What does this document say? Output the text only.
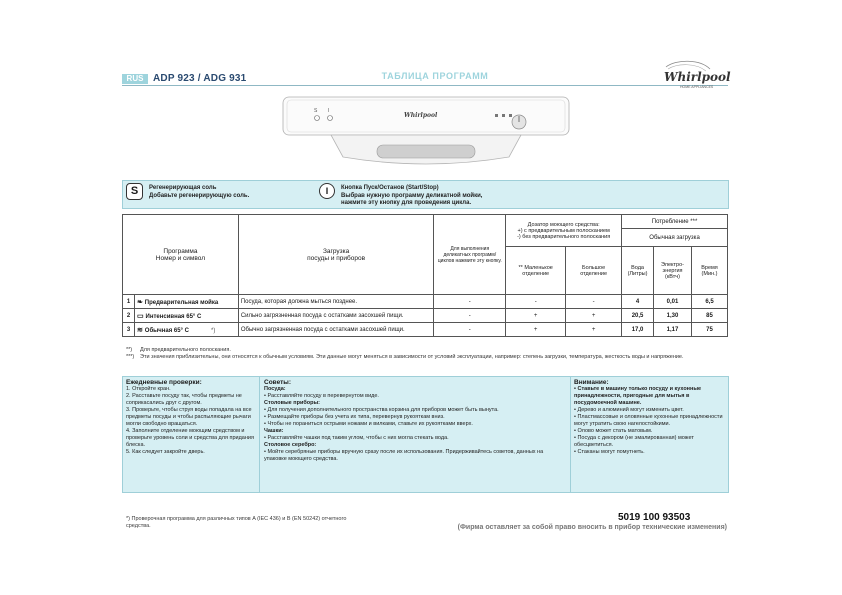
RUS ADP 923 / ADG 931	ТАБЛИЦА ПРОГРАММ	Whirlpool
HOME APPLIANCES
S I
Whirlpool
S	Регенерирующая соль
Добавьте регенерирующую соль.	I	Кнопка Пуск/Останов (Start/Stop)
Выбрав нужную программу деликатной мойки,
нажмите эту кнопку для проведения цикла.
Программа
Номер и символ		Загрузка
посуды и приборов	Для выполнения деликатных программ/циклов нажмите эту кнопку.	Дозатор моющего средства:
+) с предварительным полосканием
-) без предварительного полоскания		Потребление ***		
						Обычная загрузка		
				** Маленькое отделение	Большое отделение	Вода (Литры)	Электро-энергия (кВтч)	Время (Мин.)

1	❧ Предварительная мойка	Посуда, которая должна мыться позднее.	-	-	-	4	0,01	6,5
2	▭ Интенсивная 65° С	Сильно загрязненная посуда с остатками засохшей пищи.	-	+	+	20,5	1,30	85
3	≋ Обычная 65° С *)	Обычно загрязненная посуда с остатками засохшей пищи.	-	+	+	17,0	1,17	75
**) Для предварительного полоскания.
***) Эти значения приблизительны, они относятся к обычным условиям. Эти данные могут меняться в зависимости от условий эксплуатации, например: степень загрузки, температура, жесткость воды и напряжение.
Ежедневные проверки:
1. Откройте кран.
2. Расставьте посуду так, чтобы предметы не соприкасались друг с другом.
3. Проверьте, чтобы струя воды попадала на все предметы посуды и чтобы распыляющие рычаги могли свободно вращаться.
4. Заполните отделение моющим средством и проверьте уровень соли и средства для придания блеска.
5. Как следует закройте дверь.
Советы:
Посуда:
• Расставляйте посуду в перевернутом виде.
Столовые приборы:
• Для получения дополнительного пространства корзина для приборов может быть вынута.
• Размещайте приборы без учета их типа, перевернув рукояткам вниз.
• Чтобы не пораниться острыми ножами и вилками, ставьте их рукоятками вверх.
Чашки:
• Расставляйте чашки под таким углом, чтобы с них могла стекать вода.
Столовое серебро:
• Мойте серебряные приборы вручную сразу после их использования. Придерживайтесь советов, данных на упаковке моющего средства.
Внимание:
• Ставьте в машину только посуду и кухонные принадлежности, пригодные для мытья в посудомоечной машине.
• Дерево и алюминий могут изменить цвет.
• Пластмассовые и оловянные кухонные принадлежности могут утратить свою нагелостойкими.
• Олово может стать матовым.
• Посуда с декором (не эмалированная) может обесцветиться.
• Стаканы могут помутнеть.
*) Проверочная программа для различных типов A (IEC 436) и B (EN 50242) отчетного средства.
5019 100 93503
(Фирма оставляет за собой право вносить в прибор технические изменения)
